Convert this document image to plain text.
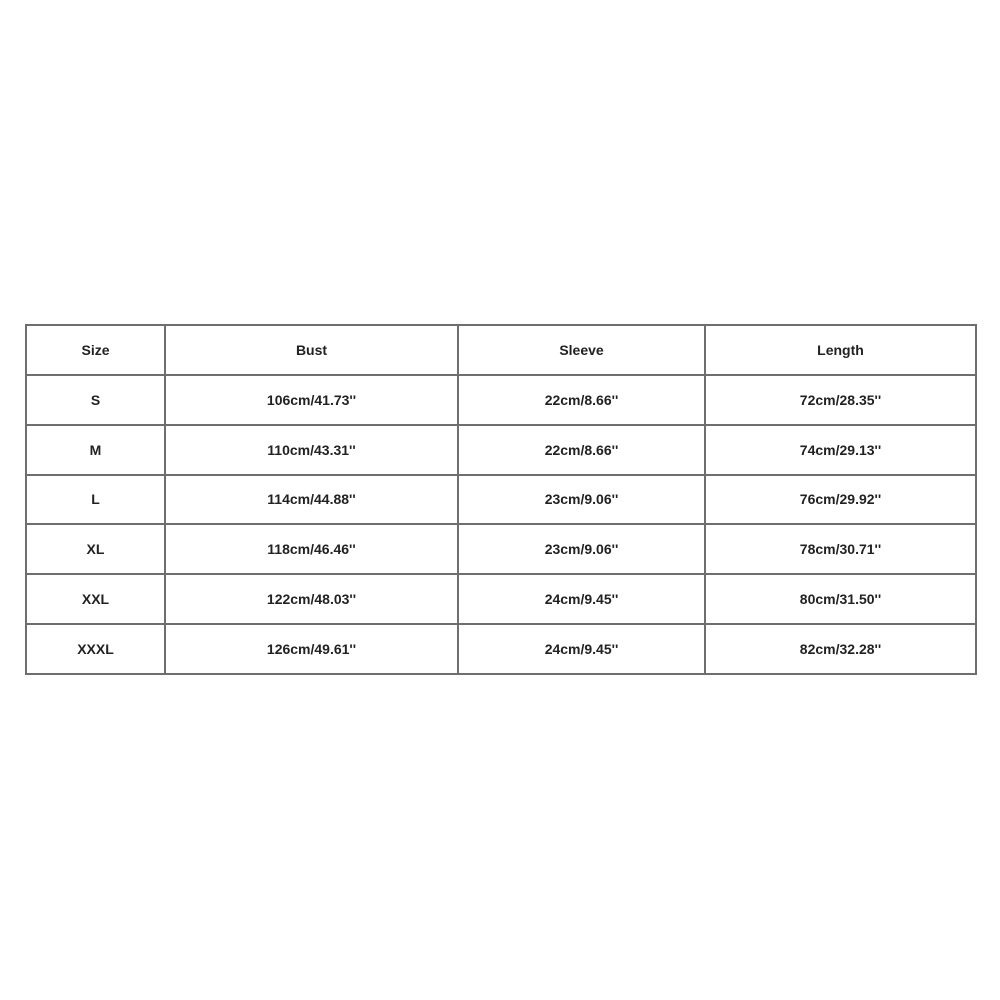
Size	Bust	Sleeve	Length
S	106cm/41.73''	22cm/8.66''	72cm/28.35''
M	110cm/43.31''	22cm/8.66''	74cm/29.13''
L	114cm/44.88''	23cm/9.06''	76cm/29.92''
XL	118cm/46.46''	23cm/9.06''	78cm/30.71''
XXL	122cm/48.03''	24cm/9.45''	80cm/31.50''
XXXL	126cm/49.61''	24cm/9.45''	82cm/32.28''
